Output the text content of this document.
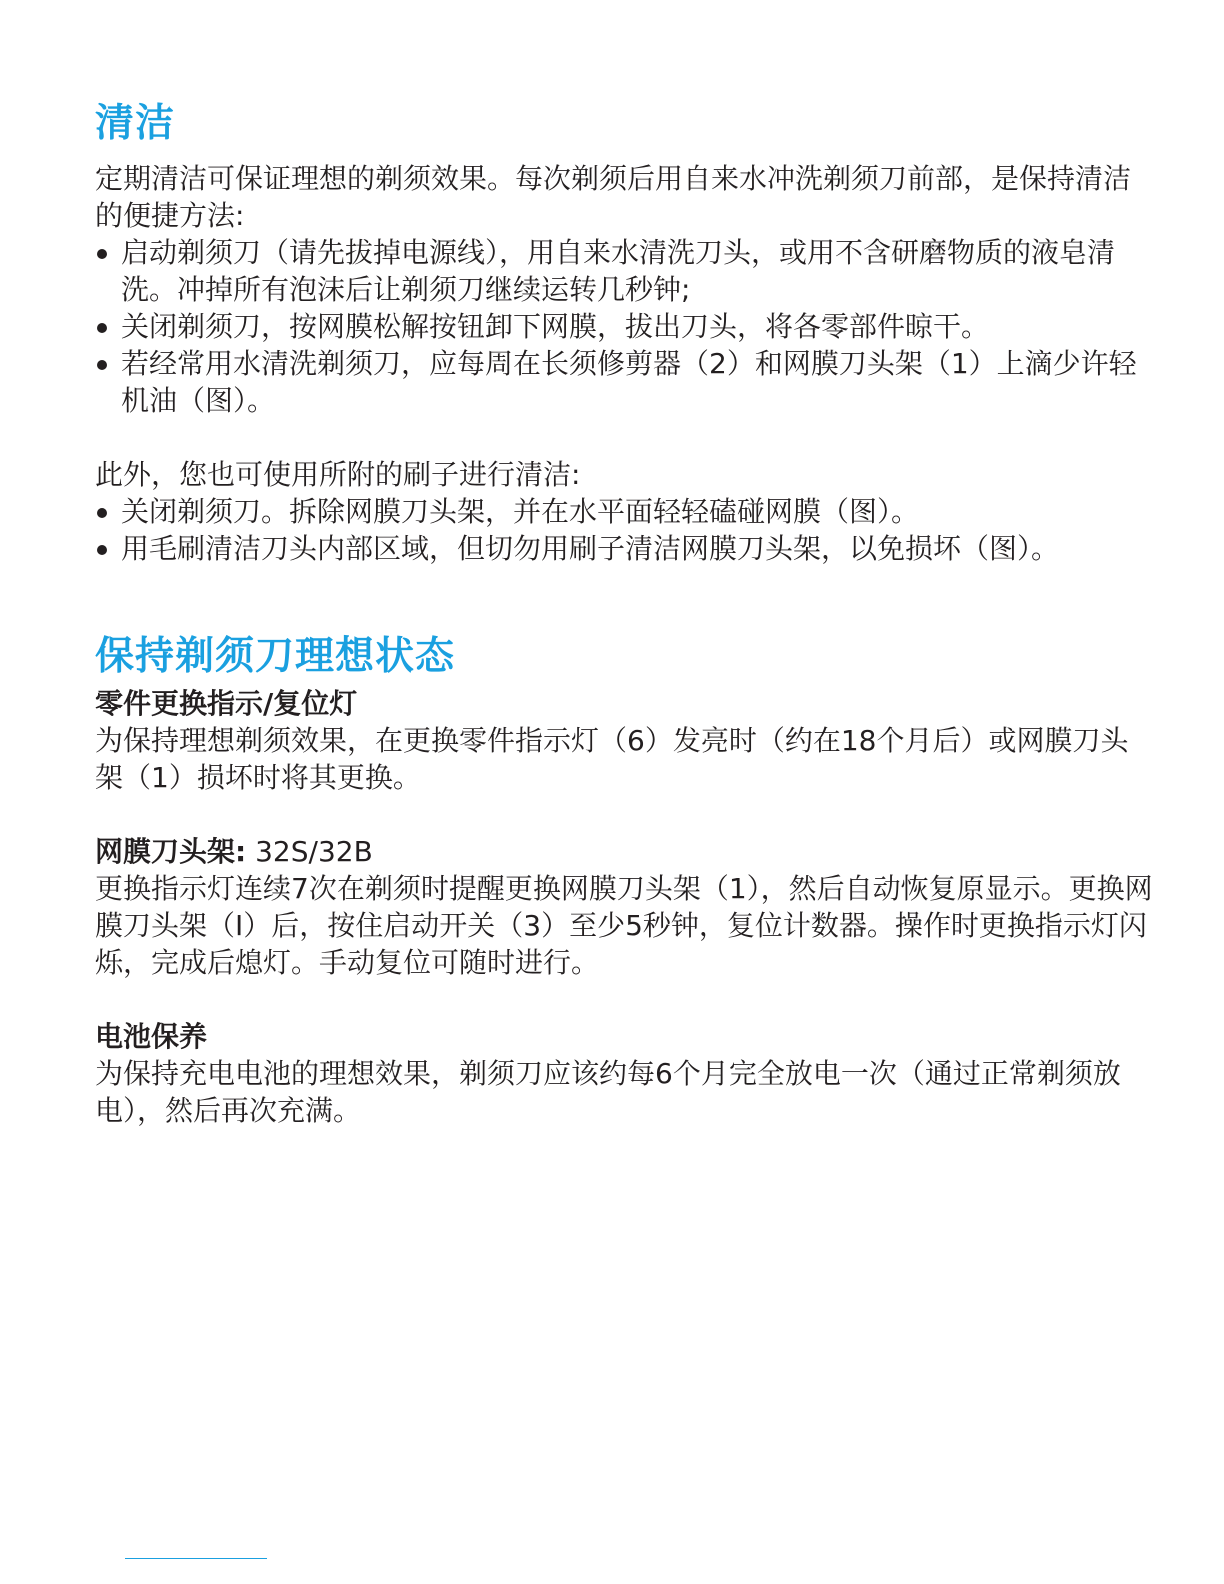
清洁

定期清洁可保证理想的剃须效果。每次剃须后用自来水冲洗剃须刀前部，是保持清洁的便捷方法:

启动剃须刀（请先拔掉电源线），用自来水清洗刀头，或用不含研磨物质的液皂清洗。冲掉所有泡沫后让剃须刀继续运转几秒钟;
关闭剃须刀，按网膜松解按钮卸下网膜，拔出刀头，将各零部件晾干。
若经常用水清洗剃须刀，应每周在长须修剪器（2）和网膜刀头架（1）上滴少许轻机油（图）。

此外，您也可使用所附的刷子进行清洁:

关闭剃须刀。拆除网膜刀头架，并在水平面轻轻磕碰网膜（图）。
用毛刷清洁刀头内部区域，但切勿用刷子清洁网膜刀头架，以免损坏（图）。
保持剃须刀理想状态
零件更换指示/复位灯

为保持理想剃须效果，在更换零件指示灯（6）发亮时（约在18个月后）或网膜刀头架（1）损坏时将其更换。

网膜刀头架: 32S/32B

更换指示灯连续7次在剃须时提醒更换网膜刀头架（1），然后自动恢复原显示。更换网膜刀头架（I）后，按住启动开关（3）至少5秒钟，复位计数器。操作时更换指示灯闪烁，完成后熄灯。手动复位可随时进行。

电池保养

为保持充电电池的理想效果，剃须刀应该约每6个月完全放电一次（通过正常剃须放电），然后再次充满。
